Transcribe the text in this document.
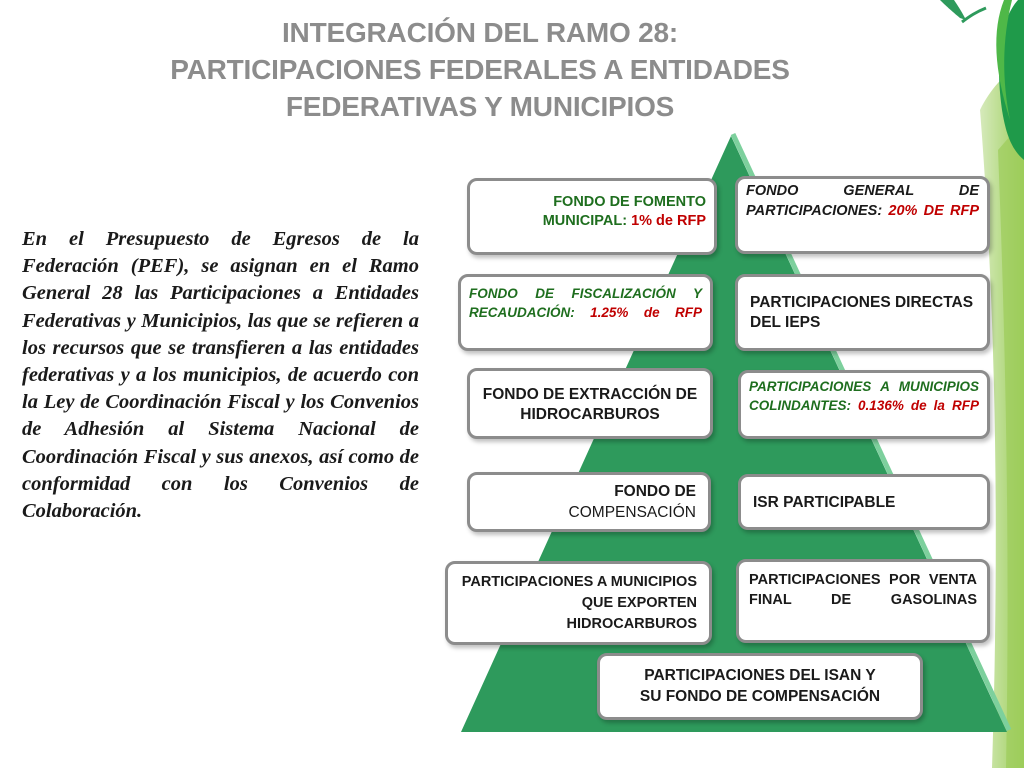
INTEGRACIÓN DEL RAMO 28:
PARTICIPACIONES FEDERALES A ENTIDADES
FEDERATIVAS Y MUNICIPIOS

En el Presupuesto de Egresos de la Federación (PEF), se asignan en el Ramo General 28 las Participaciones a Entidades Federativas y Municipios, las que se refieren a los recursos que se transfieren a las entidades federativas y a los municipios, de acuerdo con la Ley de Coordinación Fiscal y los Convenios de Adhesión al Sistema Nacional de Coordinación Fiscal y sus anexos, así como de conformidad con los Convenios de Colaboración.

FONDO DE FOMENTO MUNICIPAL: 1% de RFP
FONDO GENERAL DE PARTICIPACIONES: 20% DE RFP
FONDO DE FISCALIZACIÓN Y RECAUDACIÓN: 1.25% de RFP
PARTICIPACIONES DIRECTAS DEL IEPS
FONDO DE EXTRACCIÓN DE HIDROCARBUROS
PARTICIPACIONES A MUNICIPIOS COLINDANTES: 0.136% de la RFP
FONDO DE
COMPENSACIÓN
ISR PARTICIPABLE
PARTICIPACIONES A MUNICIPIOS QUE EXPORTEN HIDROCARBUROS
PARTICIPACIONES POR VENTA FINAL DE GASOLINAS
PARTICIPACIONES DEL ISAN Y
SU FONDO DE COMPENSACIÓN
